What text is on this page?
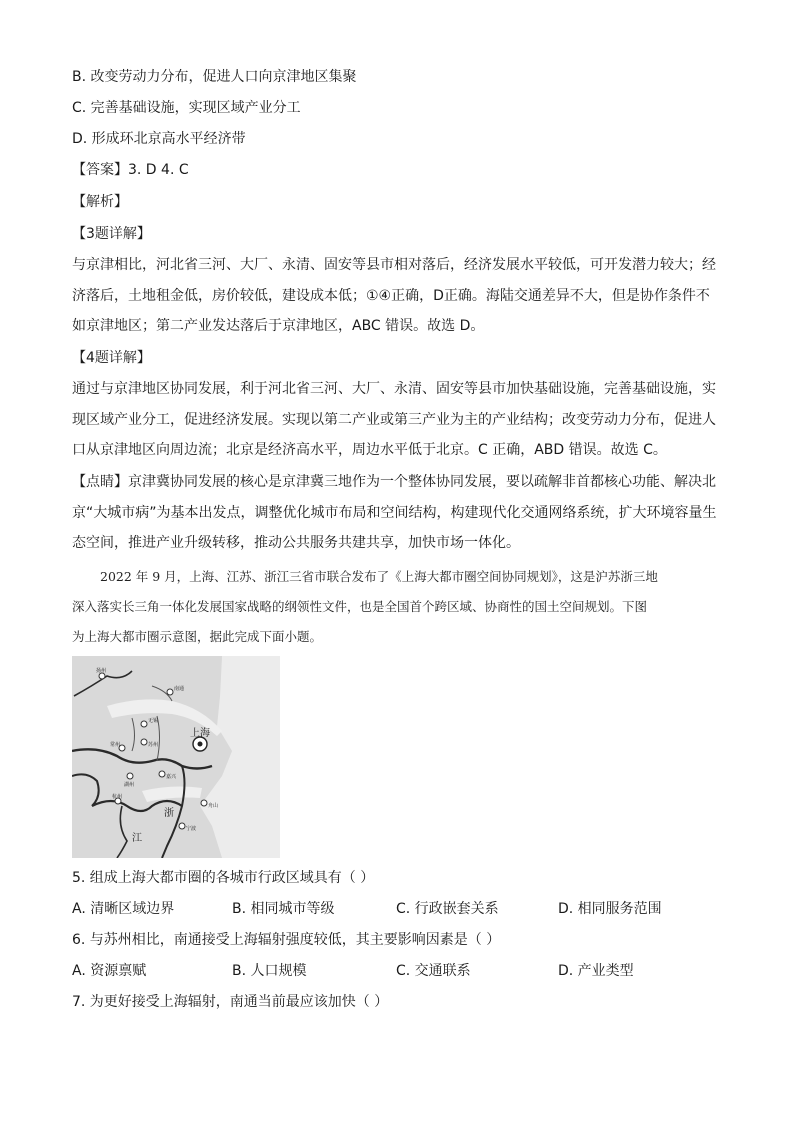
B. 改变劳动力分布，促进人口向京津地区集聚
C. 完善基础设施，实现区域产业分工
D. 形成环北京高水平经济带
【答案】3. D 4. C
【解析】
【3题详解】

与京津相比，河北省三河、大厂、永清、固安等县市相对落后，经济发展水平较低，可开发潜力较大；经

济落后，土地租金低，房价较低，建设成本低；①④正确，D正确。海陆交通差异不大，但是协作条件不

如京津地区；第二产业发达落后于京津地区，ABC 错误。故选 D。

【4题详解】

通过与京津地区协同发展，利于河北省三河、大厂、永清、固安等县市加快基础设施，完善基础设施，实

现区域产业分工，促进经济发展。实现以第二产业或第三产业为主的产业结构；改变劳动力分布，促进人

口从京津地区向周边流；北京是经济高水平，周边水平低于北京。C 正确，ABD 错误。故选 C。

【点睛】京津冀协同发展的核心是京津冀三地作为一个整体协同发展，要以疏解非首都核心功能、解决北

京“大城市病”为基本出发点，调整优化城市布局和空间结构，构建现代化交通网络系统，扩大环境容量生

态空间，推进产业升级转移，推动公共服务共建共享，加快市场一体化。

2022 年 9 月，上海、江苏、浙江三省市联合发布了《上海大都市圈空间协同规划》，这是沪苏浙三地

深入落实长三角一体化发展国家战略的纲领性文件，也是全国首个跨区域、协商性的国土空间规划。下图

为上海大都市圈示意图，据此完成下面小题。

上海
浙
江
南通
无锡
苏州
常州
嘉兴
湖州
杭州
宁波
舟山
扬州
5. 组成上海大都市圈的各城市行政区域具有（ ）
A. 清晰区域边界	B. 相同城市等级	C. 行政嵌套关系	D. 相同服务范围
6. 与苏州相比，南通接受上海辐射强度较低，其主要影响因素是（ ）
A. 资源禀赋	B. 人口规模	C. 交通联系	D. 产业类型
7. 为更好接受上海辐射，南通当前最应该加快（ ）
